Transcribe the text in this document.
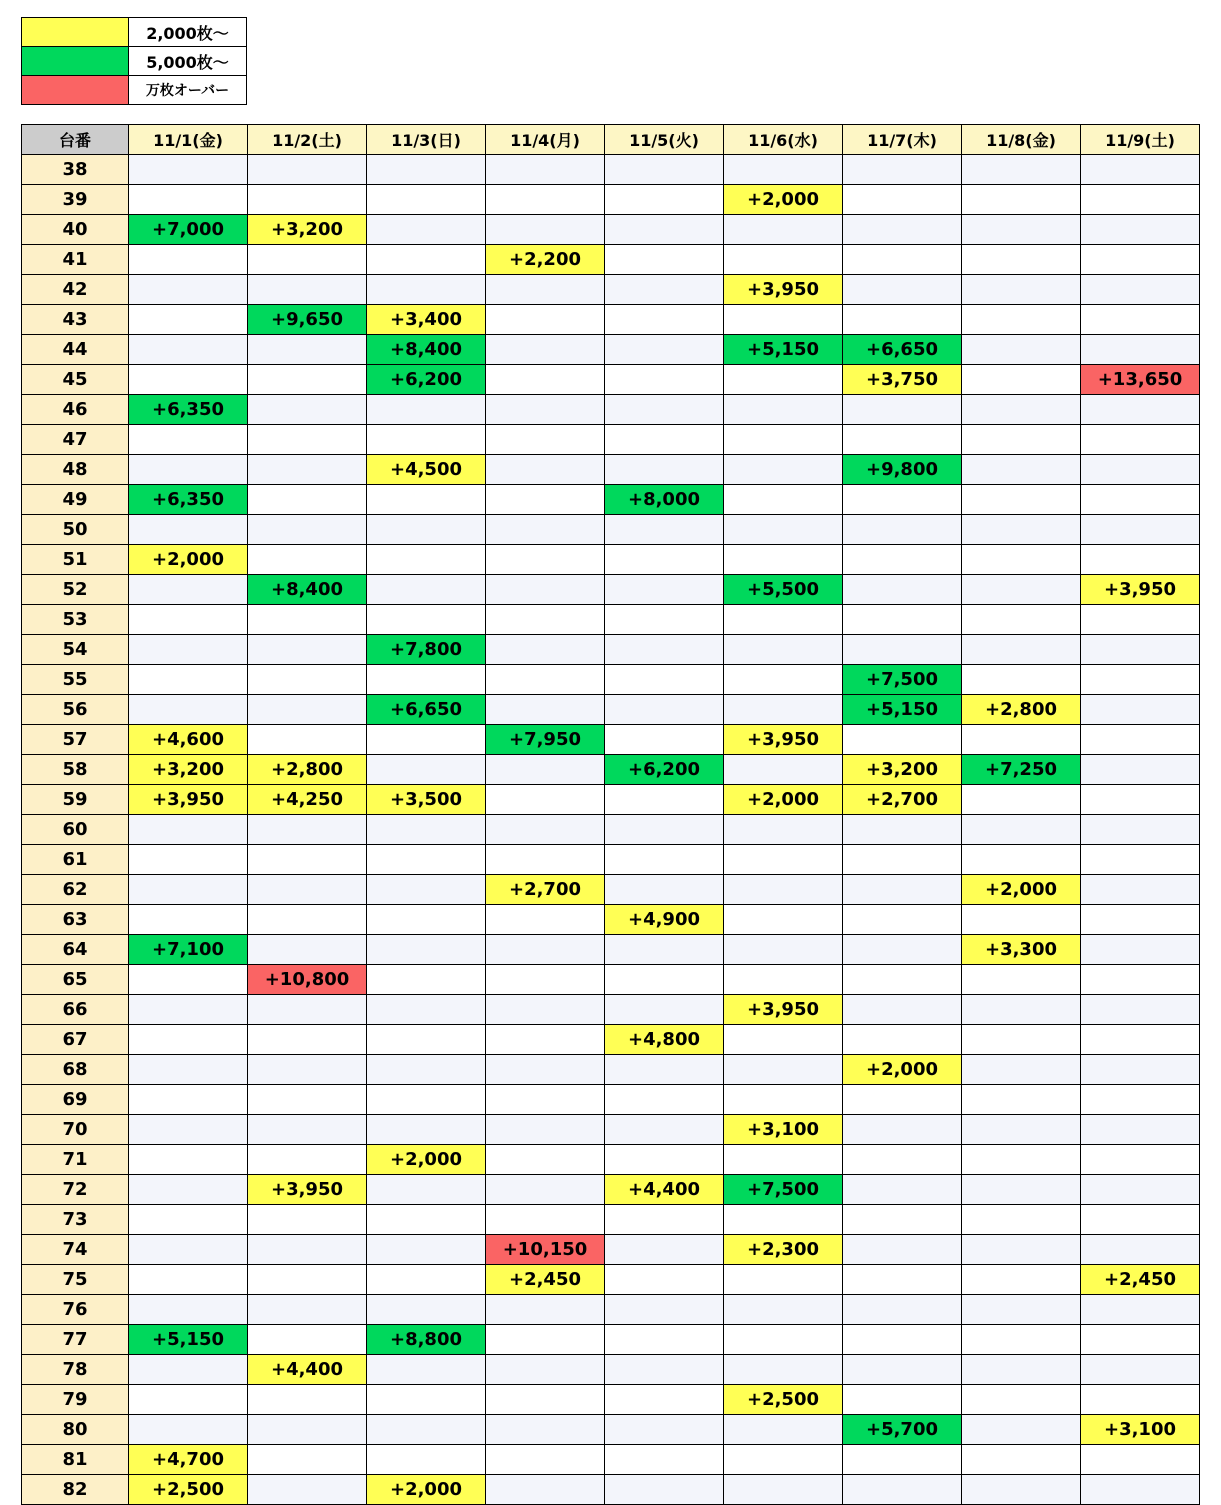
	2,000枚～
	5,000枚～
	万枚オーバー
台番	11/1(金)	11/2(土)	11/3(日)	11/4(月)	11/5(火)	11/6(水)	11/7(木)	11/8(金)	11/9(土)
38									
39						+2,000			
40	+7,000	+3,200							
41				+2,200					
42						+3,950			
43		+9,650	+3,400						
44			+8,400			+5,150	+6,650		
45			+6,200				+3,750		+13,650
46	+6,350								
47									
48			+4,500				+9,800		
49	+6,350				+8,000				
50									
51	+2,000								
52		+8,400				+5,500			+3,950
53									
54			+7,800						
55							+7,500		
56			+6,650				+5,150	+2,800	
57	+4,600			+7,950		+3,950			
58	+3,200	+2,800			+6,200		+3,200	+7,250	
59	+3,950	+4,250	+3,500			+2,000	+2,700		
60									
61									
62				+2,700				+2,000	
63					+4,900				
64	+7,100							+3,300	
65		+10,800							
66						+3,950			
67					+4,800				
68							+2,000		
69									
70						+3,100			
71			+2,000						
72		+3,950			+4,400	+7,500			
73									
74				+10,150		+2,300			
75				+2,450					+2,450
76									
77	+5,150		+8,800						
78		+4,400							
79						+2,500			
80							+5,700		+3,100
81	+4,700								
82	+2,500		+2,000						
